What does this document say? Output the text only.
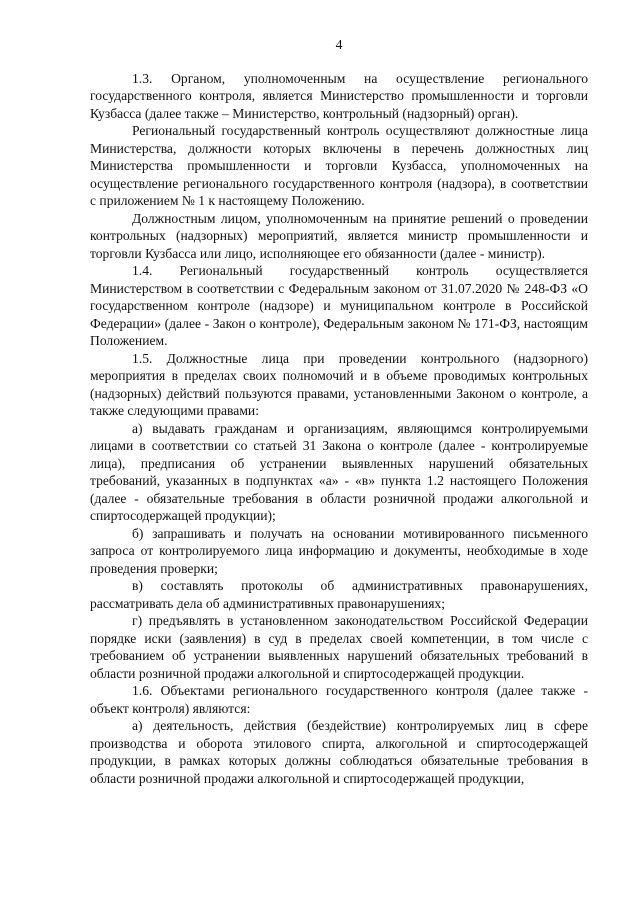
4

1.3. Органом, уполномоченным на осуществление регионального государственного контроля, является Министерство промышленности и торговли Кузбасса (далее также – Министерство, контрольный (надзорный) орган).

Региональный государственный контроль осуществляют должностные лица Министерства, должности которых включены в перечень должностных лиц Министерства промышленности и торговли Кузбасса, уполномоченных на осуществление регионального государственного контроля (надзора), в соответствии с приложением № 1 к настоящему Положению.

Должностным лицом, уполномоченным на принятие решений о проведении контрольных (надзорных) мероприятий, является министр промышленности и торговли Кузбасса или лицо, исполняющее его обязанности (далее - министр).

1.4. Региональный государственный контроль осуществляется Министерством в соответствии с Федеральным законом от 31.07.2020 № 248-ФЗ «О государственном контроле (надзоре) и муниципальном контроле в Российской Федерации» (далее - Закон о контроле), Федеральным законом № 171-ФЗ, настоящим Положением.

1.5. Должностные лица при проведении контрольного (надзорного) мероприятия в пределах своих полномочий и в объеме проводимых контрольных (надзорных) действий пользуются правами, установленными Законом о контроле, а также следующими правами:

а) выдавать гражданам и организациям, являющимся контролируемыми лицами в соответствии со статьей 31 Закона о контроле (далее - контролируемые лица), предписания об устранении выявленных нарушений обязательных требований, указанных в подпунктах «а» - «в» пункта 1.2 настоящего Положения (далее - обязательные требования в области розничной продажи алкогольной и спиртосодержащей продукции);

б) запрашивать и получать на основании мотивированного письменного запроса от контролируемого лица информацию и документы, необходимые в ходе проведения проверки;

в) составлять протоколы об административных правонарушениях, рассматривать дела об административных правонарушениях;

г) предъявлять в установленном законодательством Российской Федерации порядке иски (заявления) в суд в пределах своей компетенции, в том числе с требованием об устранении выявленных нарушений обязательных требований в области розничной продажи алкогольной и спиртосодержащей продукции.

1.6. Объектами регионального государственного контроля (далее также - объект контроля) являются:

а) деятельность, действия (бездействие) контролируемых лиц в сфере производства и оборота этилового спирта, алкогольной и спиртосодержащей продукции, в рамках которых должны соблюдаться обязательные требования в области розничной продажи алкогольной и спиртосодержащей продукции,
